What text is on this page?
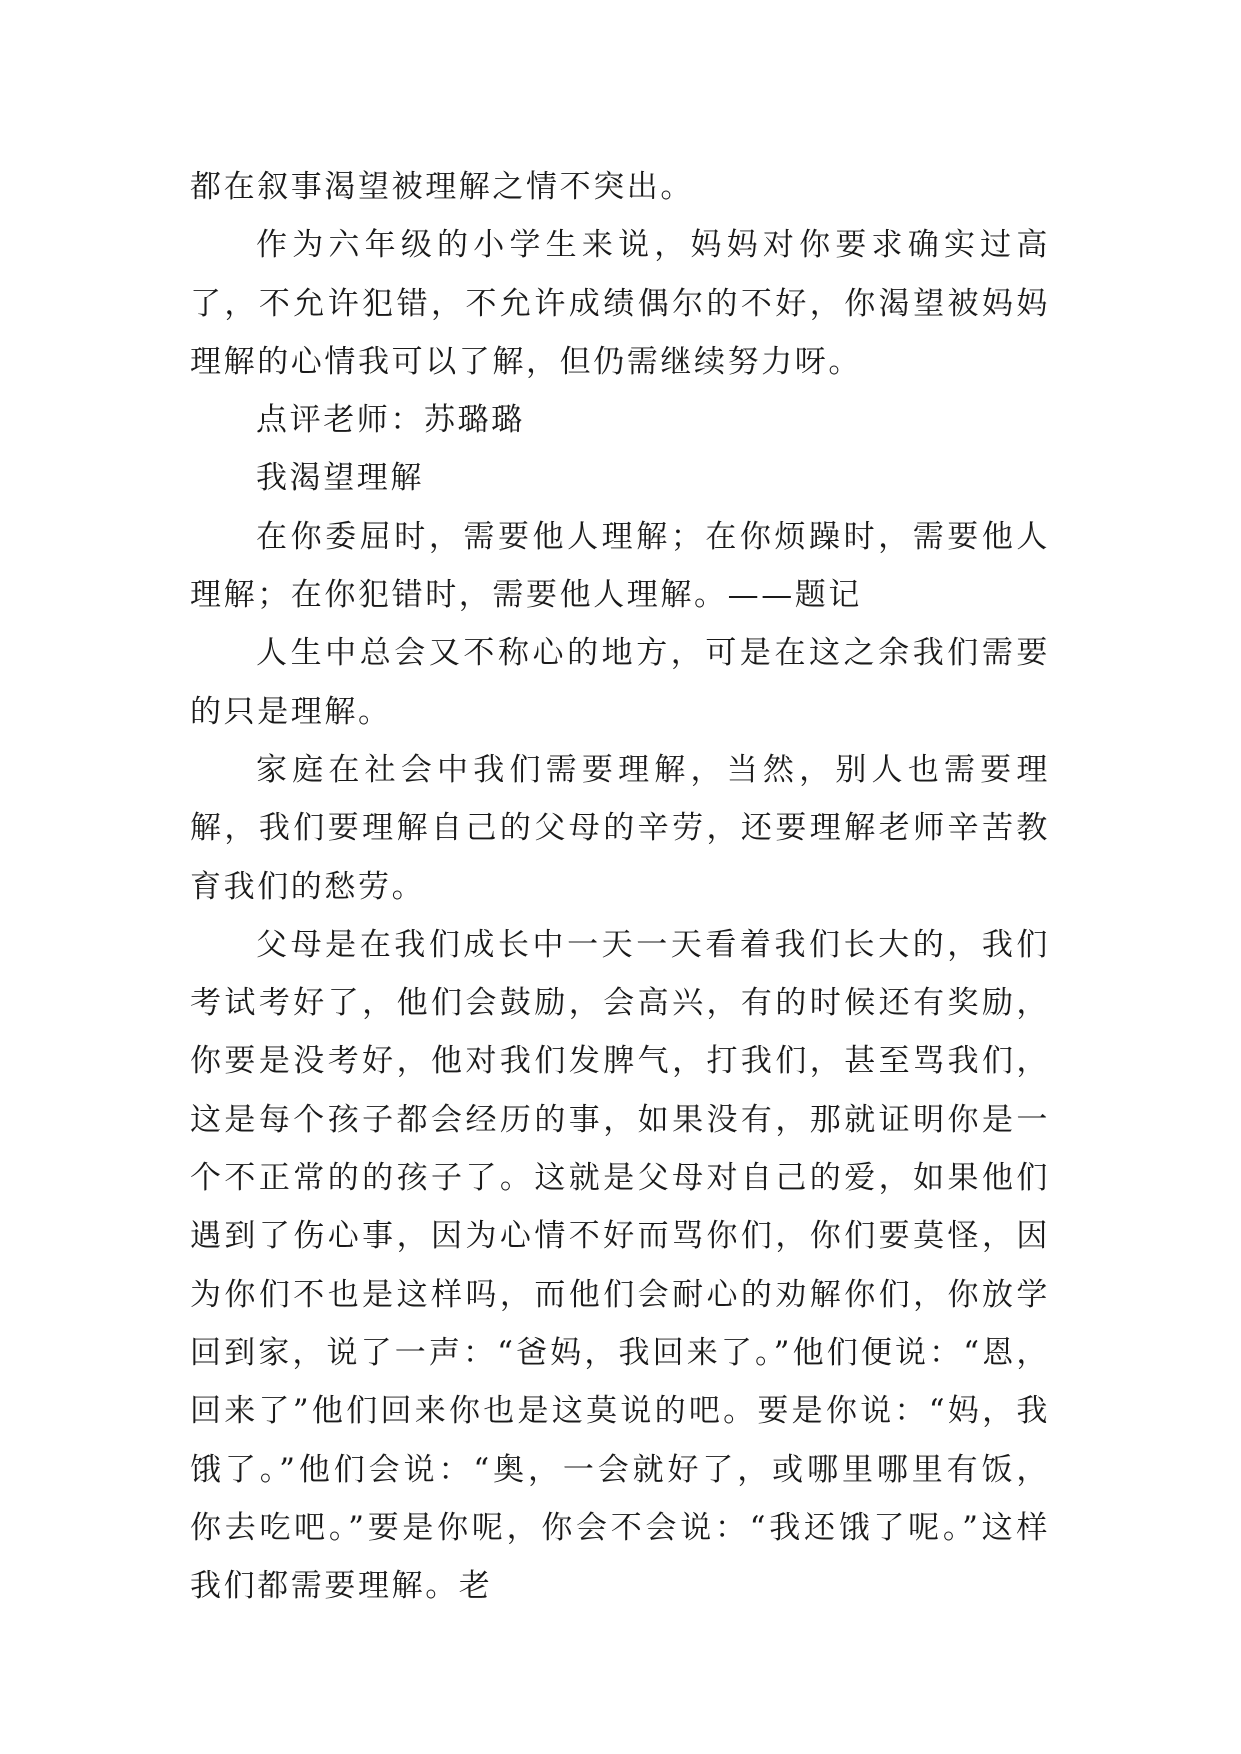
都在叙事渴望被理解之情不突出。

作为六年级的小学生来说，妈妈对你要求确实过高了，不允许犯错，不允许成绩偶尔的不好，你渴望被妈妈理解的心情我可以了解，但仍需继续努力呀。

点评老师：苏璐璐

我渴望理解

在你委屈时，需要他人理解；在你烦躁时，需要他人理解；在你犯错时，需要他人理解。——题记

人生中总会又不称心的地方，可是在这之余我们需要的只是理解。

家庭在社会中我们需要理解，当然，别人也需要理解，我们要理解自己的父母的辛劳，还要理解老师辛苦教育我们的愁劳。

父母是在我们成长中一天一天看着我们长大的，我们考试考好了，他们会鼓励，会高兴，有的时候还有奖励，你要是没考好，他对我们发脾气，打我们，甚至骂我们，这是每个孩子都会经历的事，如果没有，那就证明你是一个不正常的的孩子了。这就是父母对自己的爱，如果他们遇到了伤心事，因为心情不好而骂你们，你们要莫怪，因为你们不也是这样吗，而他们会耐心的劝解你们，你放学回到家，说了一声：“爸妈，我回来了。”他们便说：“恩，回来了”他们回来你也是这莫说的吧。要是你说：“妈，我饿了。”他们会说：“奥，一会就好了，或哪里哪里有饭，你去吃吧。”要是你呢，你会不会说：“我还饿了呢。”这样我们都需要理解。老
